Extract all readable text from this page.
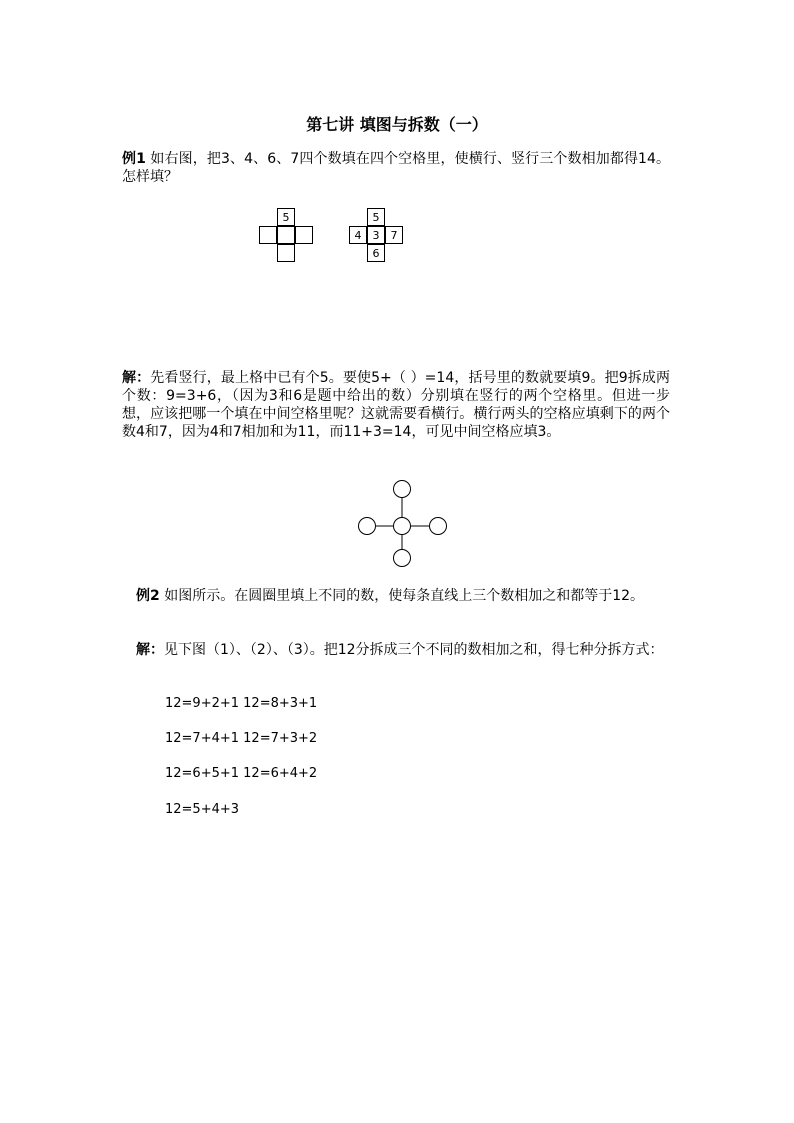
第七讲 填图与拆数（一）
例1 如右图，把3、4、6、7四个数填在四个空格里，使横行、竖行三个数相加都得14。怎样填？
5	5
4	3	7
6
解：先看竖行，最上格中已有个5。要使5+（ ）=14，括号里的数就要填9。把9拆成两个数：9=3+6，（因为3和6是题中给出的数）分别填在竖行的两个空格里。但进一步想，应该把哪一个填在中间空格里呢？这就需要看横行。横行两头的空格应填剩下的两个数4和7，因为4和7相加和为11，而11+3=14，可见中间空格应填3。
例2 如图所示。在圆圈里填上不同的数，使每条直线上三个数相加之和都等于12。
解：见下图（1）、（2）、（3）。把12分拆成三个不同的数相加之和，得七种分拆方式：
12=9+2+1 12=8+3+1
12=7+4+1 12=7+3+2
12=6+5+1 12=6+4+2
12=5+4+3
